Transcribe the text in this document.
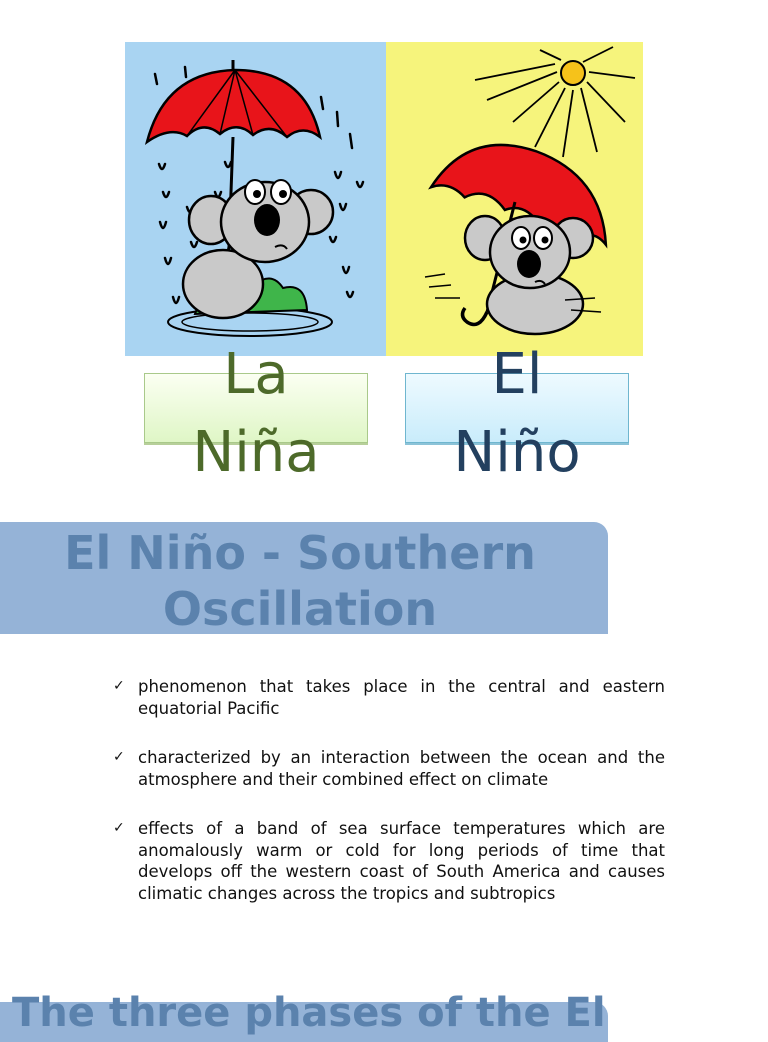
La
Niña
El
Niño
El Niño - Southern Oscillation
✓ phenomenon that takes place in the central and eastern equatorial Pacific
✓ characterized by an interaction between the ocean and the atmosphere and their combined effect on climate
✓ effects of a band of sea surface temperatures which are anomalously warm or cold for long periods of time that develops off the western coast of South America and causes climatic changes across the tropics and subtropics
The three phases of the El
